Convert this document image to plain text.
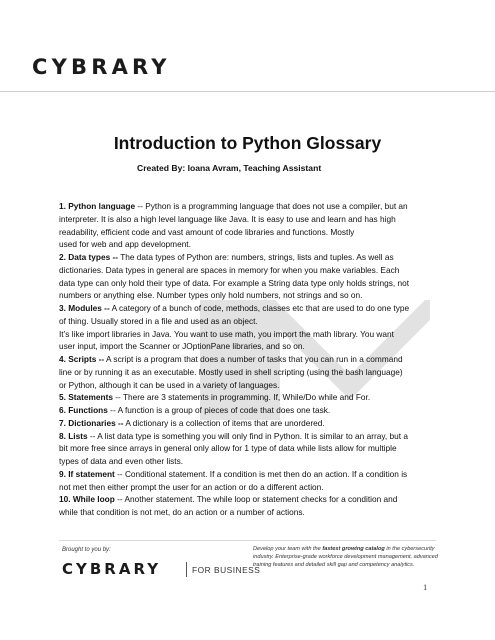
CYBRARY
Introduction to Python Glossary
Created By: Ioana Avram, Teaching Assistant

1. Python language -- Python is a programming language that does not use a compiler, but an
interpreter. It is also a high level language like Java. It is easy to use and learn and has high
readability, efficient code and vast amount of code libraries and functions. Mostly
used for web and app development.

2. Data types -- The data types of Python are: numbers, strings, lists and tuples. As well as
dictionaries. Data types in general are spaces in memory for when you make variables. Each
data type can only hold their type of data. For example a String data type only holds strings, not
numbers or anything else. Number types only hold numbers, not strings and so on.

3. Modules -- A category of a bunch of code, methods, classes etc that are used to do one type
of thing. Usually stored in a file and used as an object.
It’s like import libraries in Java. You want to use math, you import the math library. You want
user input, import the Scanner or JOptionPane libraries, and so on.

4. Scripts -- A script is a program that does a number of tasks that you can run in a command
line or by running it as an executable. Mostly used in shell scripting (using the bash language)
or Python, although it can be used in a variety of languages.

5. Statements -- There are 3 statements in programming. If, While/Do while and For.

6. Functions -- A function is a group of pieces of code that does one task.

7. Dictionaries -- A dictionary is a collection of items that are unordered.

8. Lists -- A list data type is something you will only find in Python. It is similar to an array, but a
bit more free since arrays in general only allow for 1 type of data while lists allow for multiple
types of data and even other lists.

9. If statement -- Conditional statement. If a condition is met then do an action. If a condition is
not met then either prompt the user for an action or do a different action.

10. While loop -- Another statement. The while loop or statement checks for a condition and
while that condition is not met, do an action or a number of actions.

Brought to you by:
CYBRARY	FOR BUSINESS
Develop your team with the fastest growing catalog in the cybersecurity industry. Enterprise-grade workforce development management, advanced training features and detailed skill gap and competency analytics.
1
